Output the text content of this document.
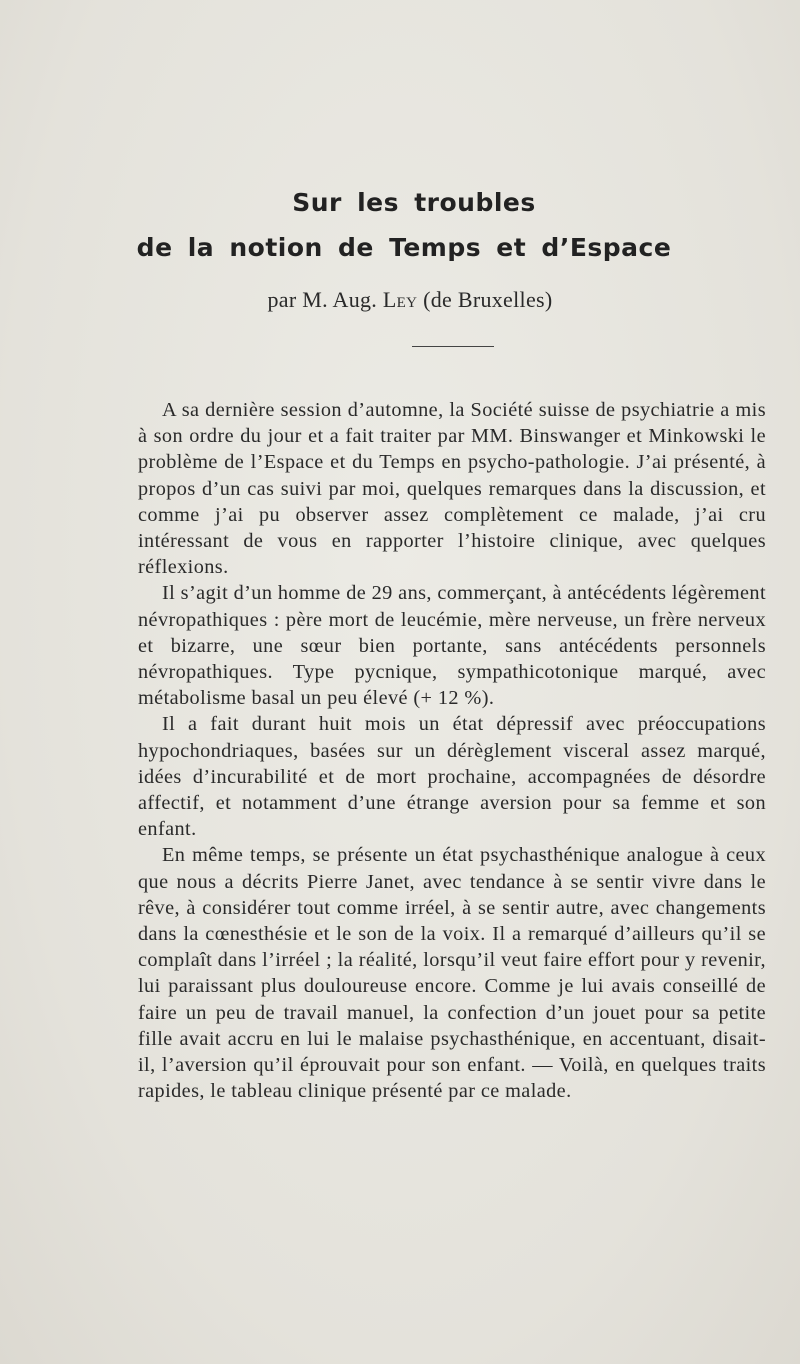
Sur les troubles
de la notion de Temps et d’Espace
par M. Aug. Ley (de Bruxelles)

A sa dernière session d’automne, la Société suisse de psychiatrie a mis à son ordre du jour et a fait traiter par MM. Binswanger et Minkowski le problème de l’Espace et du Temps en psycho-pathologie. J’ai présenté, à propos d’un cas suivi par moi, quelques remarques dans la discussion, et comme j’ai pu observer assez complètement ce malade, j’ai cru intéressant de vous en rapporter l’histoire clinique, avec quelques réflexions.

Il s’agit d’un homme de 29 ans, commerçant, à antécédents légèrement névropathiques : père mort de leucémie, mère nerveuse, un frère nerveux et bizarre, une sœur bien portante, sans antécédents personnels névropathiques. Type pycnique, sympathicotonique marqué, avec métabolisme basal un peu élevé (+ 12 %).

Il a fait durant huit mois un état dépressif avec préoccupations hypochondriaques, basées sur un dérèglement visceral assez marqué, idées d’incurabilité et de mort prochaine, accompagnées de désordre affectif, et notamment d’une étrange aversion pour sa femme et son enfant.

En même temps, se présente un état psychasthénique analogue à ceux que nous a décrits Pierre Janet, avec tendance à se sentir vivre dans le rêve, à considérer tout comme irréel, à se sentir autre, avec changements dans la cœnesthésie et le son de la voix. Il a remarqué d’ailleurs qu’il se complaît dans l’irréel ; la réalité, lorsqu’il veut faire effort pour y revenir, lui paraissant plus douloureuse encore. Comme je lui avais conseillé de faire un peu de travail manuel, la confection d’un jouet pour sa petite fille avait accru en lui le malaise psychasthénique, en accentuant, disait-il, l’aversion qu’il éprouvait pour son enfant. — Voilà, en quelques traits rapides, le tableau clinique présenté par ce malade.
